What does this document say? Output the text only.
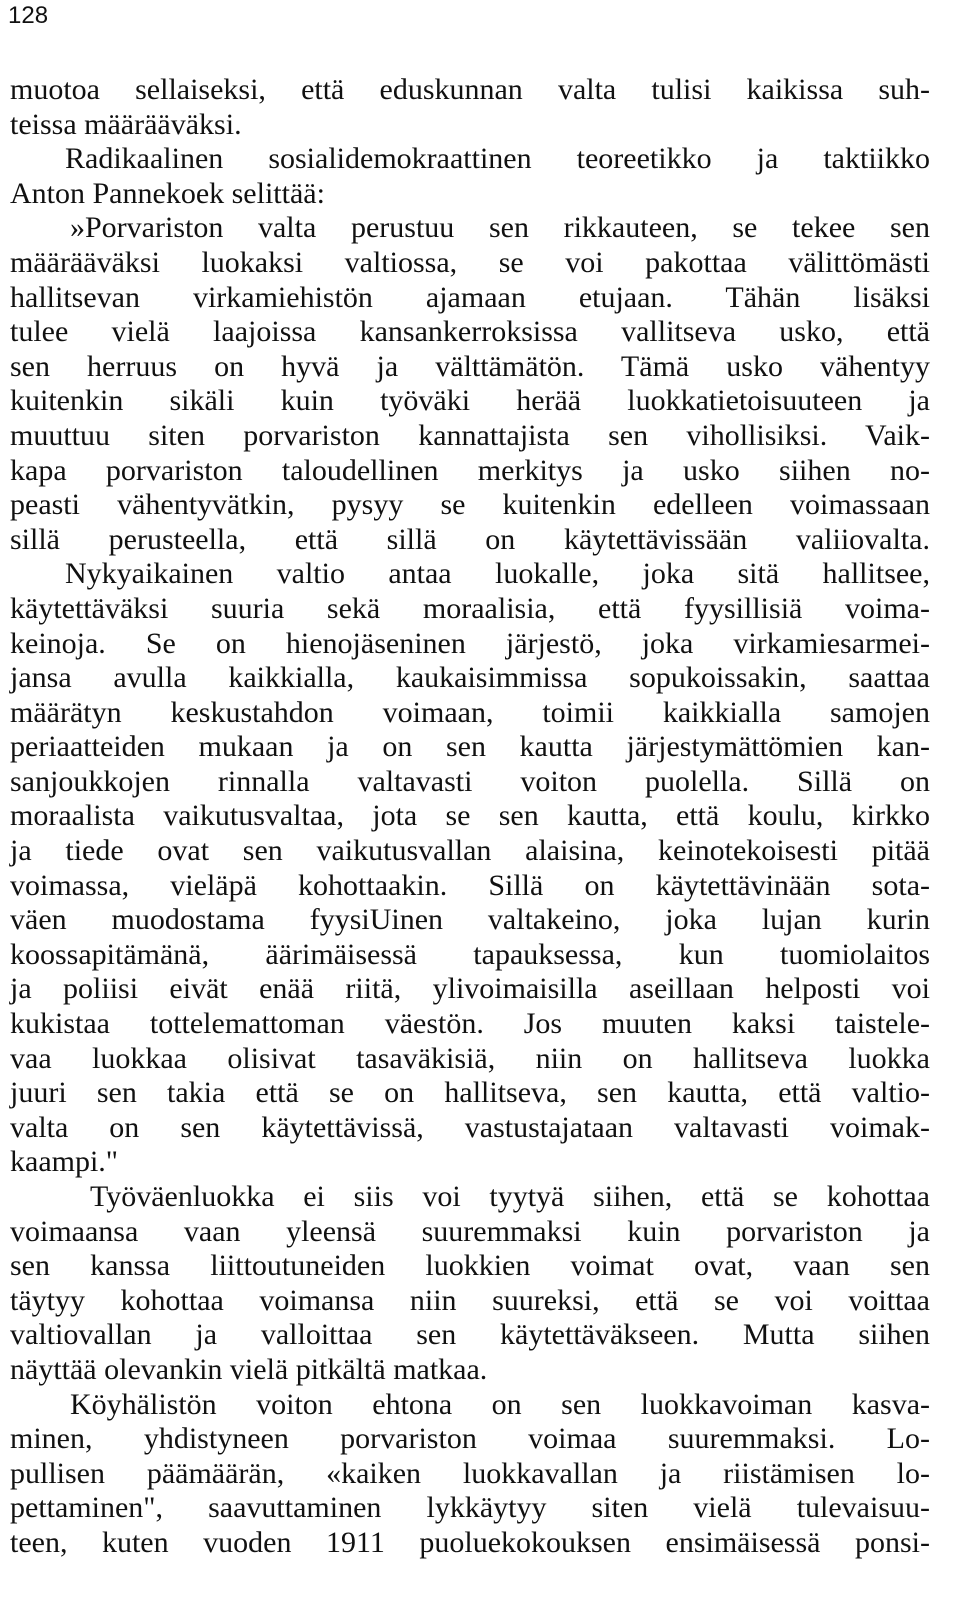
128
muotoa sellaiseksi, että eduskunnan valta tulisi kaikissa suh-
teissa määrääväksi.
Radikaalinen sosialidemokraattinen teoreetikko ja taktiikko
Anton Pannekoek selittää:
»Porvariston valta perustuu sen rikkauteen, se tekee sen
määrääväksi luokaksi valtiossa, se voi pakottaa välittömästi
hallitsevan virkamiehistön ajamaan etujaan. Tähän lisäksi
tulee vielä laajoissa kansankerroksissa vallitseva usko, että
sen herruus on hyvä ja välttämätön. Tämä usko vähentyy
kuitenkin sikäli kuin työväki herää luokkatietoisuuteen ja
muuttuu siten porvariston kannattajista sen vihollisiksi. Vaik-
kapa porvariston taloudellinen merkitys ja usko siihen no-
peasti vähentyvätkin, pysyy se kuitenkin edelleen voimassaan
sillä perusteella, että sillä on käytettävissään valiiovalta.
Nykyaikainen valtio antaa luokalle, joka sitä hallitsee,
käytettäväksi suuria sekä moraalisia, että fyysillisiä voima-
keinoja. Se on hienojäseninen järjestö, joka virkamiesarmei-
jansa avulla kaikkialla, kaukaisimmissa sopukoissakin, saattaa
määrätyn keskustahdon voimaan, toimii kaikkialla samojen
periaatteiden mukaan ja on sen kautta järjestymättömien kan-
sanjoukkojen rinnalla valtavasti voiton puolella. Sillä on
moraalista vaikutusvaltaa, jota se sen kautta, että koulu, kirkko
ja tiede ovat sen vaikutusvallan alaisina, keinotekoisesti pitää
voimassa, vieläpä kohottaakin. Sillä on käytettävinään sota-
väen muodostama fyysiUinen valtakeino, joka lujan kurin
koossapitämänä, äärimäisessä tapauksessa, kun tuomiolaitos
ja poliisi eivät enää riitä, ylivoimaisilla aseillaan helposti voi
kukistaa tottelemattoman väestön. Jos muuten kaksi taistele-
vaa luokkaa olisivat tasaväkisiä, niin on hallitseva luokka
juuri sen takia että se on hallitseva, sen kautta, että valtio-
valta on sen käytettävissä, vastustajataan valtavasti voimak-
kaampi."
Työväenluokka ei siis voi tyytyä siihen, että se kohottaa
voimaansa vaan yleensä suuremmaksi kuin porvariston ja
sen kanssa liittoutuneiden luokkien voimat ovat, vaan sen
täytyy kohottaa voimansa niin suureksi, että se voi voittaa
valtiovallan ja valloittaa sen käytettäväkseen. Mutta siihen
näyttää olevankin vielä pitkältä matkaa.
Köyhälistön voiton ehtona on sen luokkavoiman kasva-
minen, yhdistyneen porvariston voimaa suuremmaksi. Lo-
pullisen päämäärän, «kaiken luokkavallan ja riistämisen lo-
pettaminen", saavuttaminen lykkäytyy siten vielä tulevaisuu-
teen, kuten vuoden 1911 puoluekokouksen ensimäisessä ponsi-
